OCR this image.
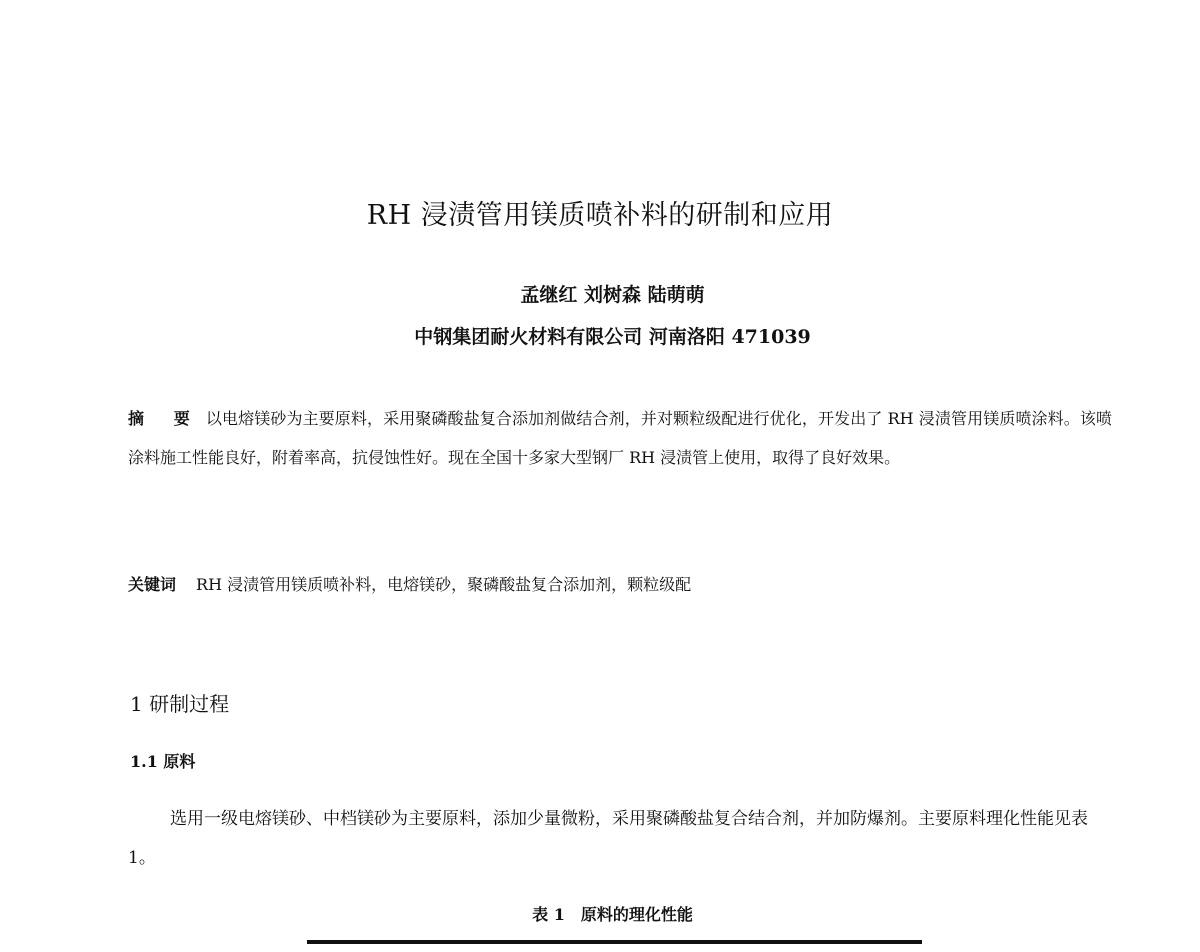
RH 浸渍管用镁质喷补料的研制和应用
孟继红 刘树森 陆萌萌
中钢集团耐火材料有限公司 河南洛阳 471039
摘 要 以电熔镁砂为主要原料，采用聚磷酸盐复合添加剂做结合剂，并对颗粒级配进行优化，开发出了 RH 浸渍管用镁质喷涂料。该喷涂料施工性能良好，附着率高，抗侵蚀性好。现在全国十多家大型钢厂 RH 浸渍管上使用，取得了良好效果。
关键词 RH 浸渍管用镁质喷补料，电熔镁砂，聚磷酸盐复合添加剂，颗粒级配
1 研制过程
1.1 原料
选用一级电熔镁砂、中档镁砂为主要原料，添加少量微粉，采用聚磷酸盐复合结合剂，并加防爆剂。主要原料理化性能见表 1。
表 1　原料的理化性能
